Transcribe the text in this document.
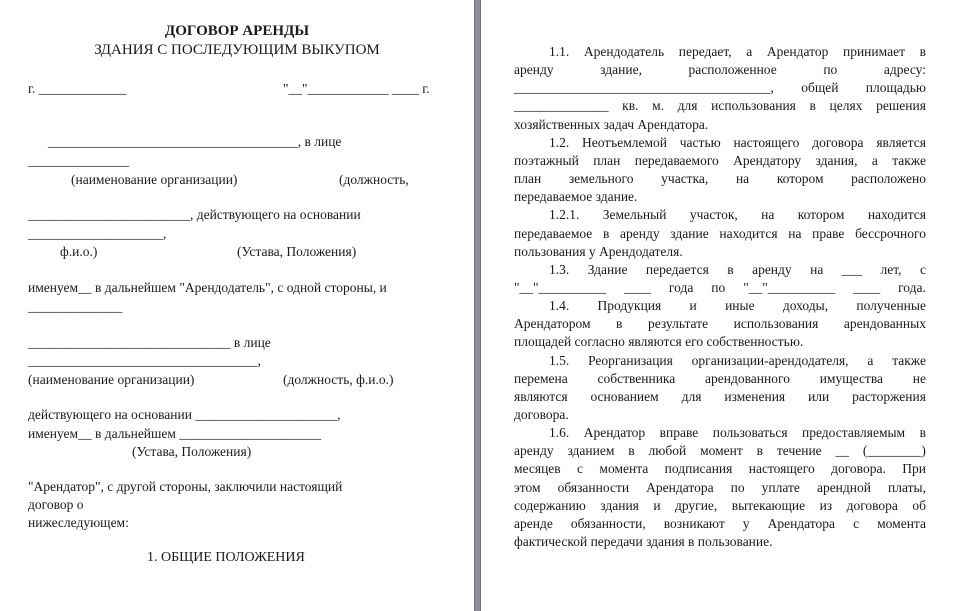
ДОГОВОР АРЕНДЫ
ЗДАНИЯ С ПОСЛЕДУЮЩИМ ВЫКУПОМ
г. _____________	"__"____________ ____ г.
_____________________________________, в лице
_______________
(наименование организации)	(должность,
________________________, действующего на основании
____________________,
ф.и.о.)	(Устава, Положения)
именуем__ в дальнейшем "Арендодатель", с одной стороны, и
______________
______________________________ в лице
__________________________________,
(наименование организации)	(должность, ф.и.о.)
действующего на основании _____________________,
именуем__ в дальнейшем _____________________
(Устава, Положения)
"Арендатор", с другой стороны, заключили настоящий
договор о
нижеследующем:
1. ОБЩИЕ ПОЛОЖЕНИЯ
1.1. Арендодатель передает, а Арендатор принимает в
аренду	здание,	расположенное	по	адресу:
______________________________________, общей площадью
______________ кв. м. для использования в целях решения
хозяйственных задач Арендатора.
1.2. Неотъемлемой частью настоящего договора является
поэтажный план передаваемого Арендатору здания, а также
план земельного участка, на котором расположено
передаваемое здание.
1.2.1. Земельный участок, на котором находится
передаваемое в аренду здание находится на праве бессрочного
пользования у Арендодателя.
1.3. Здание передается в аренду на ___ лет, с
"__"__________ ____ года по "__"__________ ____ года.
1.4. Продукция и иные доходы, полученные
Арендатором в результате использования арендованных
площадей согласно являются его собственностью.
1.5. Реорганизация организации-арендодателя, а также
перемена собственника арендованного имущества не
являются основанием для изменения или расторжения
договора.
1.6. Арендатор вправе пользоваться предоставляемым в
аренду зданием в любой момент в течение __ (________)
месяцев с момента подписания настоящего договора. При
этом обязанности Арендатора по уплате арендной платы,
содержанию здания и другие, вытекающие из договора об
аренде обязанности, возникают у Арендатора с момента
фактической передачи здания в пользование.
